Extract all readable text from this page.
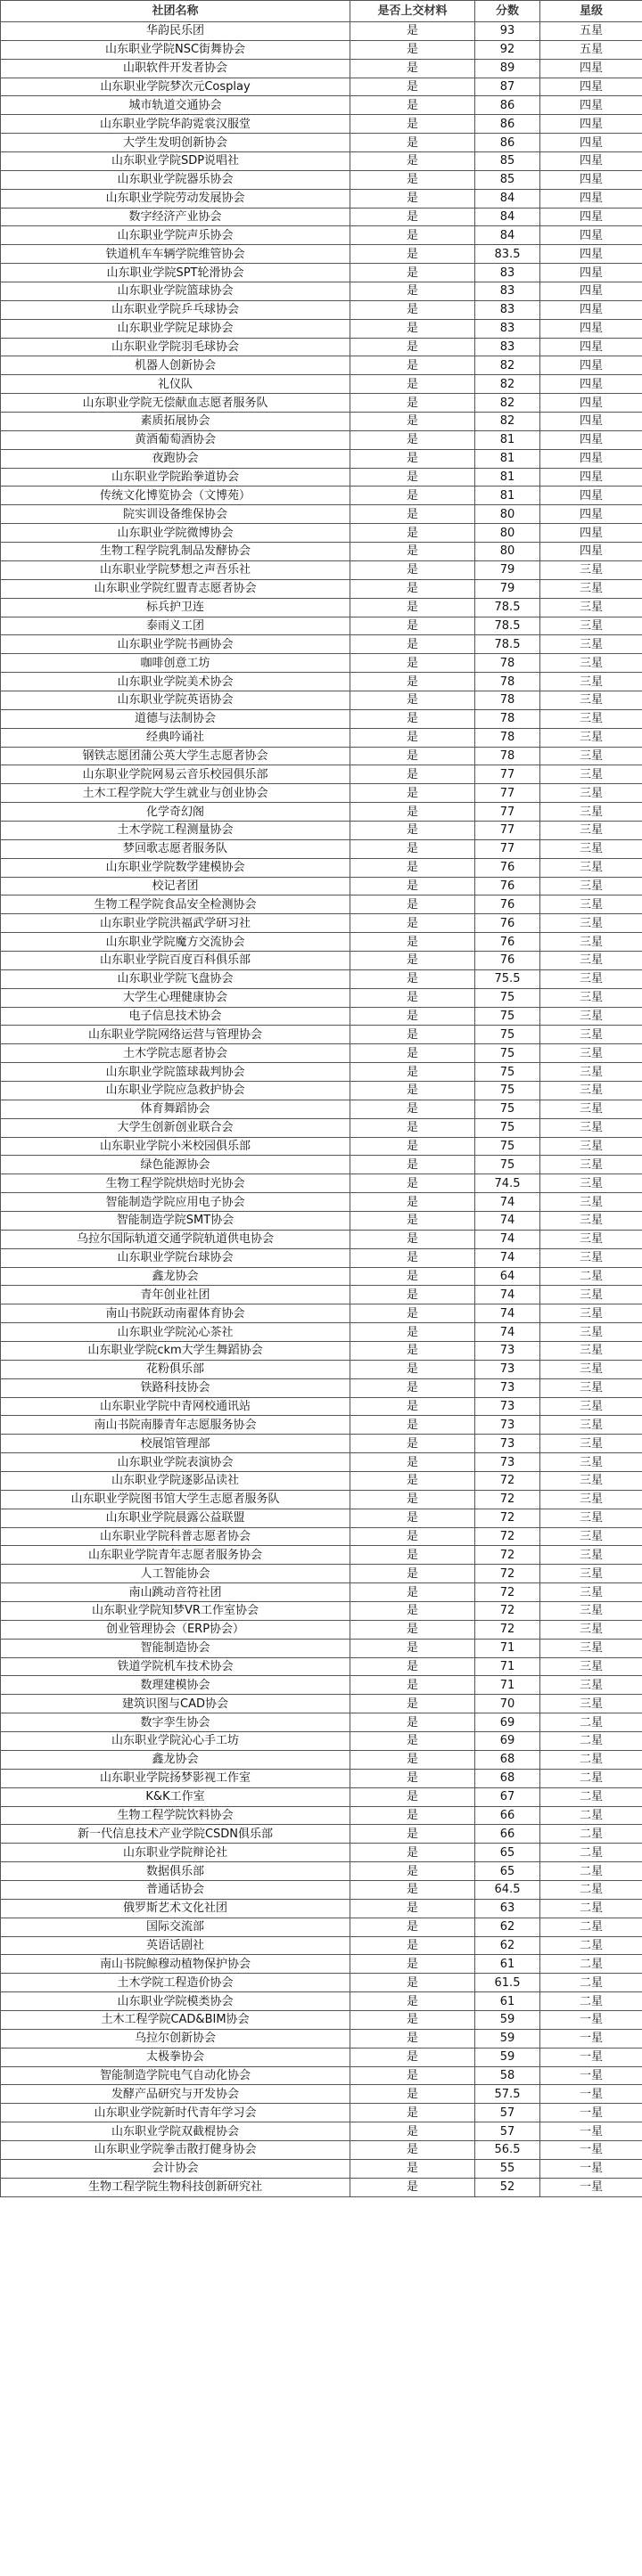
社团名称	是否上交材料	分数	星级
华韵民乐团	是	93	五星
山东职业学院NSC街舞协会	是	92	五星
山职软件开发者协会	是	89	四星
山东职业学院梦次元Cosplay	是	87	四星
城市轨道交通协会	是	86	四星
山东职业学院华韵霓裳汉服堂	是	86	四星
大学生发明创新协会	是	86	四星
山东职业学院SDP说唱社	是	85	四星
山东职业学院器乐协会	是	85	四星
山东职业学院劳动发展协会	是	84	四星
数字经济产业协会	是	84	四星
山东职业学院声乐协会	是	84	四星
铁道机车车辆学院维管协会	是	83.5	四星
山东职业学院SPT轮滑协会	是	83	四星
山东职业学院篮球协会	是	83	四星
山东职业学院乒乓球协会	是	83	四星
山东职业学院足球协会	是	83	四星
山东职业学院羽毛球协会	是	83	四星
机器人创新协会	是	82	四星
礼仪队	是	82	四星
山东职业学院无偿献血志愿者服务队	是	82	四星
素质拓展协会	是	82	四星
黄酒葡萄酒协会	是	81	四星
夜跑协会	是	81	四星
山东职业学院跆拳道协会	是	81	四星
传统文化博览协会（文博苑）	是	81	四星
院实训设备维保协会	是	80	四星
山东职业学院微博协会	是	80	四星
生物工程学院乳制品发酵协会	是	80	四星
山东职业学院梦想之声吾乐社	是	79	三星
山东职业学院红盟青志愿者协会	是	79	三星
标兵护卫连	是	78.5	三星
泰雨义工团	是	78.5	三星
山东职业学院书画协会	是	78.5	三星
咖啡创意工坊	是	78	三星
山东职业学院美术协会	是	78	三星
山东职业学院英语协会	是	78	三星
道德与法制协会	是	78	三星
经典吟诵社	是	78	三星
钢铁志愿团蒲公英大学生志愿者协会	是	78	三星
山东职业学院网易云音乐校园俱乐部	是	77	三星
土木工程学院大学生就业与创业协会	是	77	三星
化学奇幻阁	是	77	三星
土木学院工程测量协会	是	77	三星
梦回歌志愿者服务队	是	77	三星
山东职业学院数学建模协会	是	76	三星
校记者团	是	76	三星
生物工程学院食品安全检测协会	是	76	三星
山东职业学院洪福武学研习社	是	76	三星
山东职业学院魔方交流协会	是	76	三星
山东职业学院百度百科俱乐部	是	76	三星
山东职业学院飞盘协会	是	75.5	三星
大学生心理健康协会	是	75	三星
电子信息技术协会	是	75	三星
山东职业学院网络运营与管理协会	是	75	三星
土木学院志愿者协会	是	75	三星
山东职业学院篮球裁判协会	是	75	三星
山东职业学院应急救护协会	是	75	三星
体育舞蹈协会	是	75	三星
大学生创新创业联合会	是	75	三星
山东职业学院小米校园俱乐部	是	75	三星
绿色能源协会	是	75	三星
生物工程学院烘焙时光协会	是	74.5	三星
智能制造学院应用电子协会	是	74	三星
智能制造学院SMT协会	是	74	三星
乌拉尔国际轨道交通学院轨道供电协会	是	74	三星
山东职业学院台球协会	是	74	三星
鑫龙协会	是	64	二星
青年创业社团	是	74	三星
南山书院跃动南翟体育协会	是	74	三星
山东职业学院沁心茶社	是	74	三星
山东职业学院ckm大学生舞蹈协会	是	73	三星
花粉俱乐部	是	73	三星
铁路科技协会	是	73	三星
山东职业学院中青网校通讯站	是	73	三星
南山书院南滕青年志愿服务协会	是	73	三星
校展馆管理部	是	73	三星
山东职业学院表演协会	是	73	三星
山东职业学院逐影品读社	是	72	三星
山东职业学院图书馆大学生志愿者服务队	是	72	三星
山东职业学院晨露公益联盟	是	72	三星
山东职业学院科普志愿者协会	是	72	三星
山东职业学院青年志愿者服务协会	是	72	三星
人工智能协会	是	72	三星
南山跳动音符社团	是	72	三星
山东职业学院知梦VR工作室协会	是	72	三星
创业管理协会（ERP协会）	是	72	三星
智能制造协会	是	71	三星
铁道学院机车技术协会	是	71	三星
数理建模协会	是	71	三星
建筑识图与CAD协会	是	70	三星
数字孪生协会	是	69	二星
山东职业学院沁心手工坊	是	69	二星
鑫龙协会	是	68	二星
山东职业学院扬梦影视工作室	是	68	二星
K&K工作室	是	67	二星
生物工程学院饮料协会	是	66	二星
新一代信息技术产业学院CSDN俱乐部	是	66	二星
山东职业学院辩论社	是	65	二星
数据俱乐部	是	65	二星
普通话协会	是	64.5	二星
俄罗斯艺术文化社团	是	63	二星
国际交流部	是	62	二星
英语话剧社	是	62	二星
南山书院鲸穆动植物保护协会	是	61	二星
土木学院工程造价协会	是	61.5	二星
山东职业学院模类协会	是	61	二星
土木工程学院CAD&BIM协会	是	59	一星
乌拉尔创新协会	是	59	一星
太极拳协会	是	59	一星
智能制造学院电气自动化协会	是	58	一星
发酵产品研究与开发协会	是	57.5	一星
山东职业学院新时代青年学习会	是	57	一星
山东职业学院双截棍协会	是	57	一星
山东职业学院拳击散打健身协会	是	56.5	一星
会计协会	是	55	一星
生物工程学院生物科技创新研究社	是	52	一星
